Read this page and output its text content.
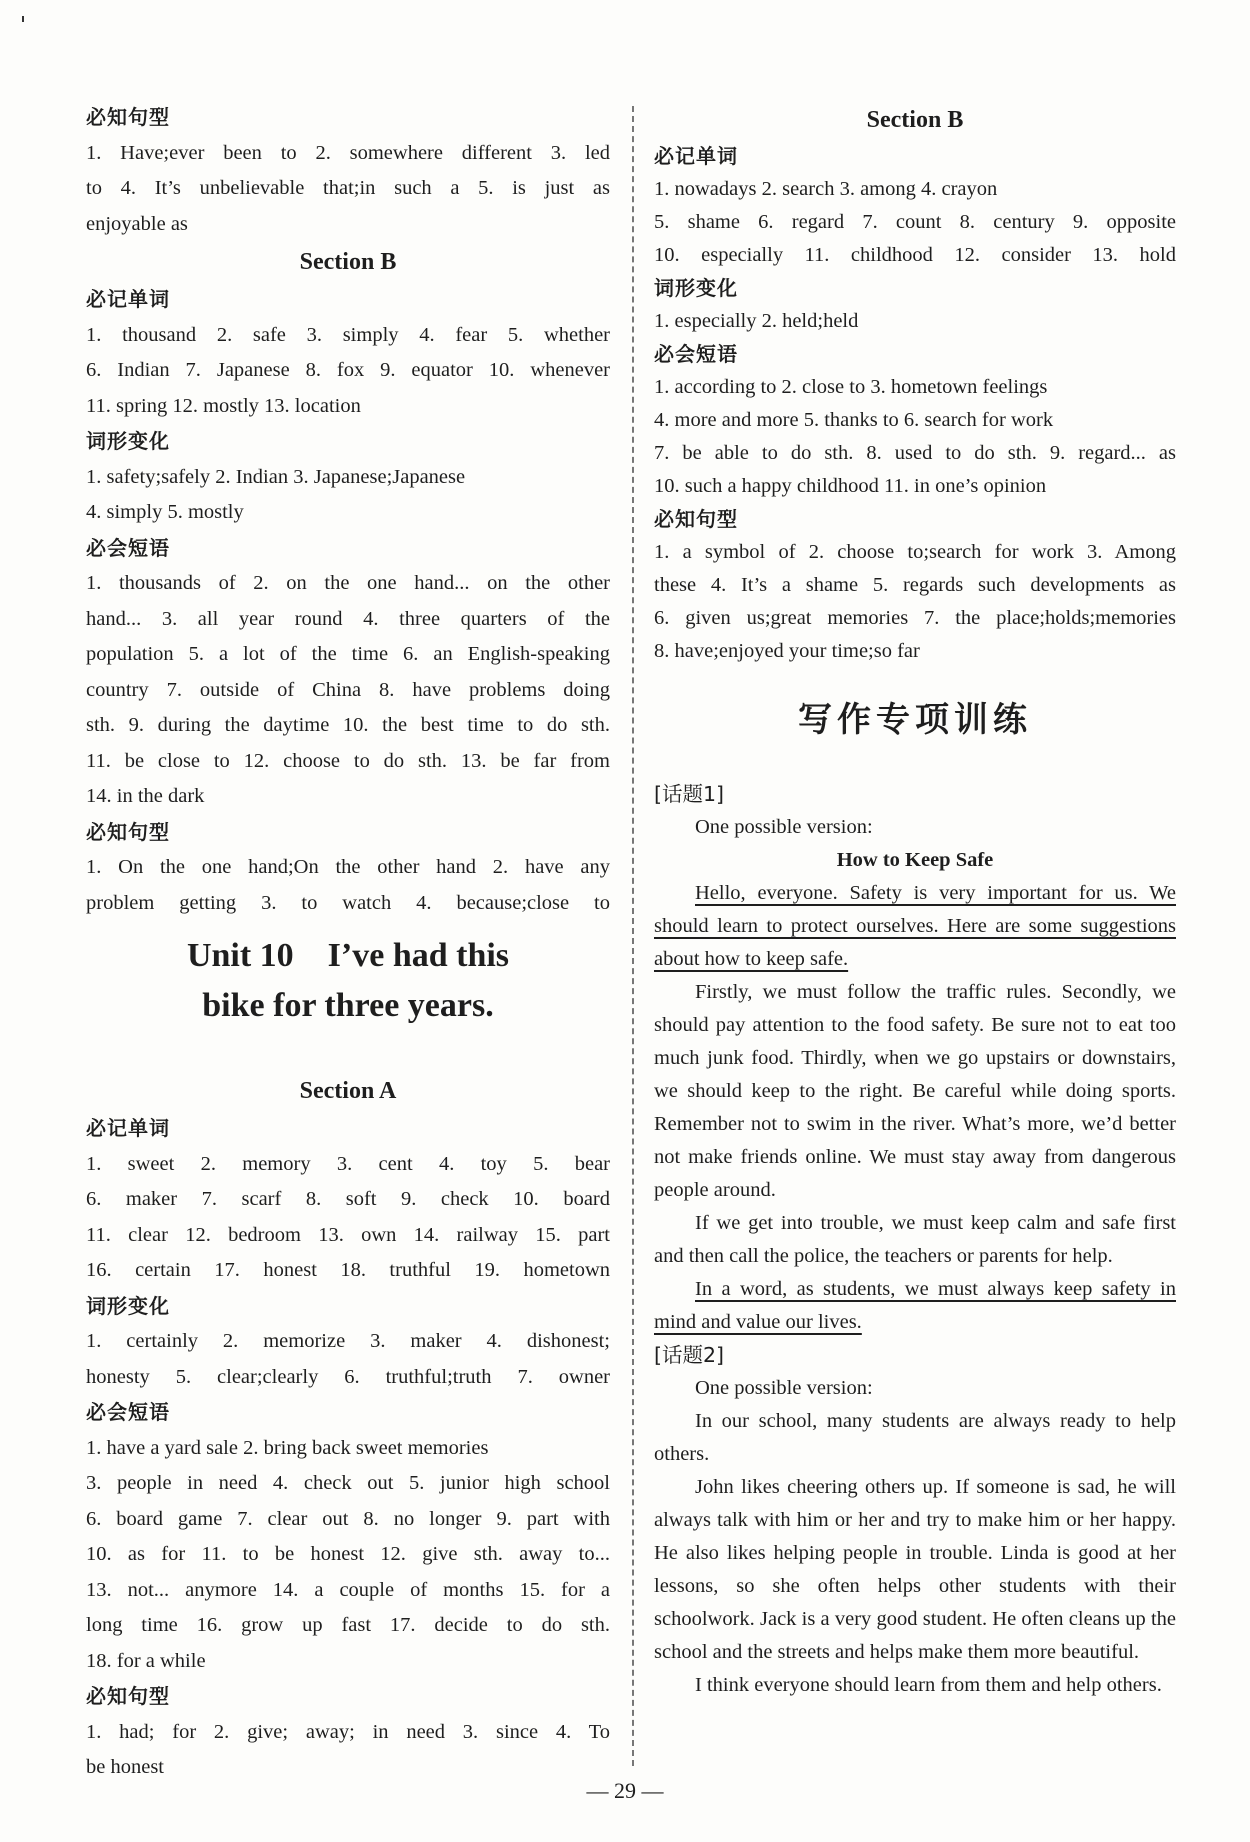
必知句型
1. Have;ever been to 2. somewhere different 3. led
to 4. It’s unbelievable that;in such a 5. is just as
enjoyable as
Section B
必记单词
1. thousand 2. safe 3. simply 4. fear 5. whether
6. Indian 7. Japanese 8. fox 9. equator 10. whenever
11. spring 12. mostly 13. location
词形变化
1. safety;safely 2. Indian 3. Japanese;Japanese
4. simply 5. mostly
必会短语
1. thousands of 2. on the one hand... on the other
hand... 3. all year round 4. three quarters of the
population 5. a lot of the time 6. an English-speaking
country 7. outside of China 8. have problems doing
sth. 9. during the daytime 10. the best time to do sth.
11. be close to 12. choose to do sth. 13. be far from
14. in the dark
必知句型
1. On the one hand;On the other hand 2. have any
problem getting 3. to watch 4. because;close to
Unit 10    I’ve had this
bike for three years.
Section A
必记单词
1. sweet 2. memory 3. cent 4. toy 5. bear
6. maker 7. scarf 8. soft 9. check 10. board
11. clear 12. bedroom 13. own 14. railway 15. part
16. certain 17. honest 18. truthful 19. hometown
词形变化
1. certainly 2. memorize 3. maker 4. dishonest;
honesty 5. clear;clearly 6. truthful;truth 7. owner
必会短语
1. have a yard sale 2. bring back sweet memories
3. people in need 4. check out 5. junior high school
6. board game 7. clear out 8. no longer 9. part with
10. as for 11. to be honest 12. give sth. away to...
13. not... anymore 14. a couple of months 15. for a
long time 16. grow up fast 17. decide to do sth.
18. for a while
必知句型
1. had; for 2. give; away; in need 3. since 4. To
be honest
Section B
必记单词
1. nowadays 2. search 3. among 4. crayon
5. shame 6. regard 7. count 8. century 9. opposite
10. especially 11. childhood 12. consider 13. hold
词形变化
1. especially 2. held;held
必会短语
1. according to 2. close to 3. hometown feelings
4. more and more 5. thanks to 6. search for work
7. be able to do sth. 8. used to do sth. 9. regard... as
10. such a happy childhood 11. in one’s opinion
必知句型
1. a symbol of 2. choose to;search for work 3. Among
these 4. It’s a shame 5. regards such developments as
6. given us;great memories 7. the place;holds;memories
8. have;enjoyed your time;so far
写作专项训练
[话题1]
One possible version:
How to Keep Safe
Hello, everyone. Safety is very important for us. We should learn to protect ourselves. Here are some suggestions about how to keep safe.
Firstly, we must follow the traffic rules. Secondly, we should pay attention to the food safety. Be sure not to eat too much junk food. Thirdly, when we go upstairs or downstairs, we should keep to the right. Be careful while doing sports. Remember not to swim in the river. What’s more, we’d better not make friends online. We must stay away from dangerous people around.
If we get into trouble, we must keep calm and safe first and then call the police, the teachers or parents for help.
In a word, as students, we must always keep safety in mind and value our lives.
[话题2]
One possible version:
In our school, many students are always ready to help others.
John likes cheering others up. If someone is sad, he will always talk with him or her and try to make him or her happy. He also likes helping people in trouble. Linda is good at her lessons, so she often helps other students with their schoolwork. Jack is a very good student. He often cleans up the school and the streets and helps make them more beautiful.
I think everyone should learn from them and help others.
— 29 —
